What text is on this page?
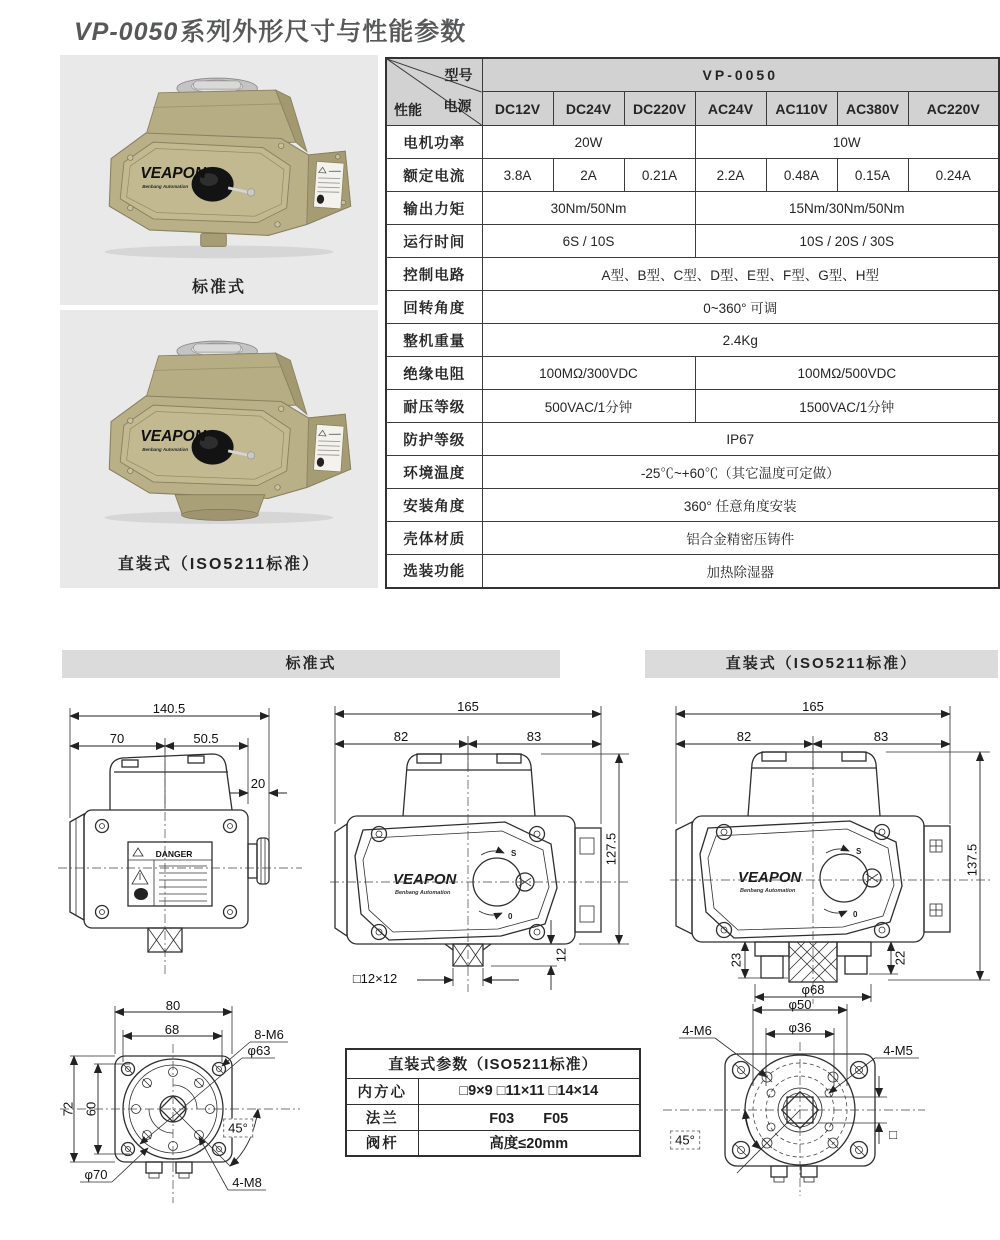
VP-0050系列外形尺寸与性能参数
VEAPON
Benbang Automation
标准式
VEAPON
Benbang Automation
直装式（ISO5211标准）
型号
电源
性能	VP-0050						
	DC12V	DC24V	DC220V	AC24V	AC110V	AC380V	AC220V
电机功率	20W			10W			
额定电流	3.8A	2A	0.21A	2.2A	0.48A	0.15A	0.24A
输出力矩	30Nm/50Nm			15Nm/30Nm/50Nm			
运行时间	6S / 10S			10S / 20S / 30S			
控制电路	A型、B型、C型、D型、E型、F型、G型、H型						
回转角度	0~360° 可调						
整机重量	2.4Kg						
绝缘电阻	100MΩ/300VDC			100MΩ/500VDC			
耐压等级	500VAC/1分钟			1500VAC/1分钟			
防护等级	IP67						
环境温度	-25℃~+60℃（其它温度可定做）						
安装角度	360° 任意角度安装						
壳体材质	铝合金精密压铸件						
选装功能	加热除湿器						
标准式	直装式（ISO5211标准）
DANGER
140.5
70	50.5
20
VEAPON
Benbang Automation
S
0
165
82	83
127.5
□12×12
12
VEAPON
Benbang Automation
S
0
165
82	83
137.5
23	22
φ68
80
68
72 60
8-M6
φ63
φ70
4-M8
45°
直装式参数（ISO5211标准）	
内方心	□9×9 □11×11 □14×14
法兰	F03　　F05
阀杆	高度≤20mm
φ50
φ36
4-M6
4-M5
45°	□
